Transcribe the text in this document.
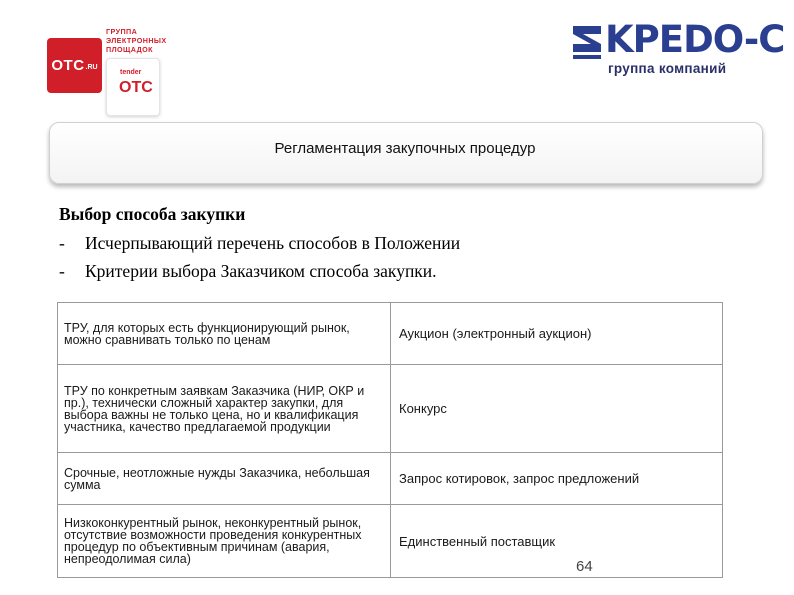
OTC .RU
ГРУППА
ЭЛЕКТРОННЫХ
ПЛОЩАДОК
tender
OTC
KPEDO-C
группа компаний
Регламентация закупочных процедур
Выбор способа закупки
- Исчерпывающий перечень способов в Положении
- Критерии выбора Заказчиком способа закупки.
ТРУ, для которых есть функционирующий рынок, можно сравнивать только по ценам	Аукцион (электронный аукцион)
ТРУ по конкретным заявкам Заказчика (НИР, ОКР и пр.), технически сложный характер закупки, для выбора важны не только цена, но и квалификация участника, качество предлагаемой продукции
Конкурс
Срочные, неотложные нужды Заказчика, небольшая сумма	Запрос котировок, запрос предложений
Низкоконкурентный рынок, неконкурентный рынок, отсутствие возможности проведения конкурентных процедур по объективным причинам (авария, непреодолимая сила)
Единственный поставщик
64
